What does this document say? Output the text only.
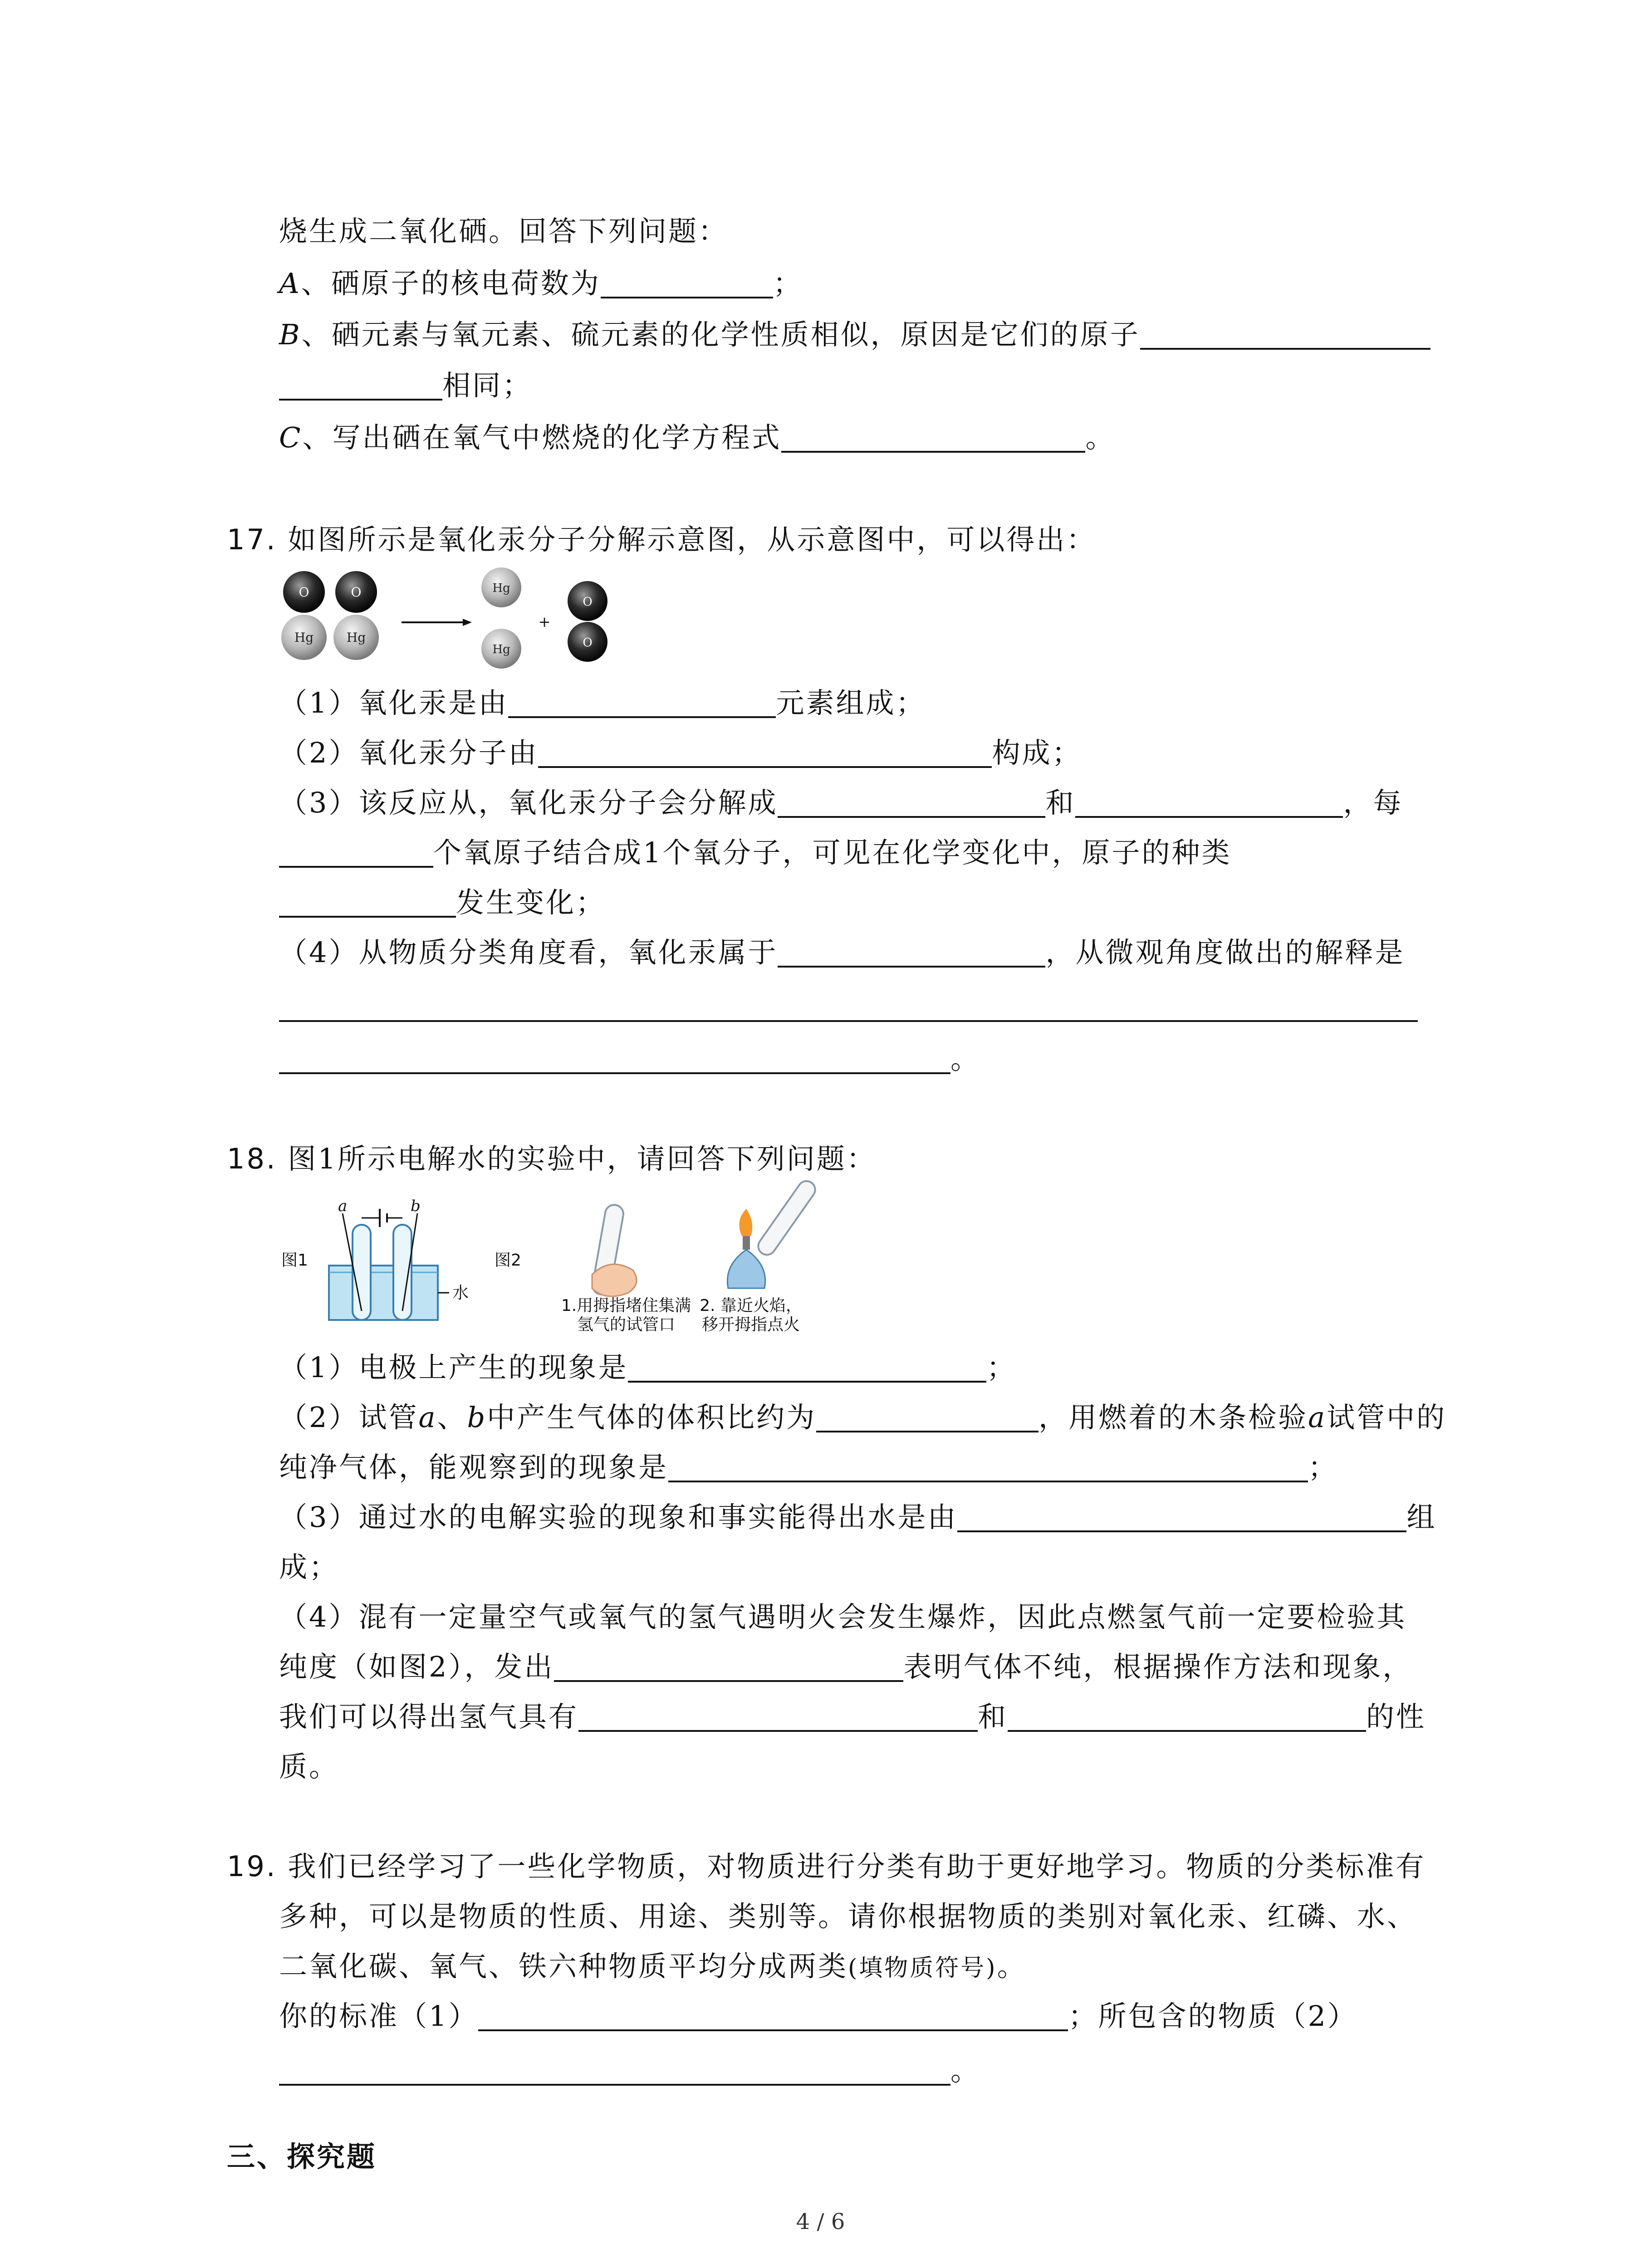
烧生成二氧化硒。回答下列问题：
A、硒原子的核电荷数为	；
B、硒元素与氧元素、硫元素的化学性质相似，原因是它们的原子
相同；
C、写出硒在氧气中燃烧的化学方程式	。
17. 如图所示是氧化汞分子分解示意图，从示意图中，可以得出：
O
Hg
O
Hg
Hg
Hg
+
O
O
（1）氧化汞是由	元素组成；
（2）氧化汞分子由	构成；
（3）该反应从，氧化汞分子会分解成	和	，每
个氧原子结合成1个氧分子，可见在化学变化中，原子的种类
发生变化；
（4）从物质分类角度看，氧化汞属于	，从微观角度做出的解释是
。
18. 图1所示电解水的实验中，请回答下列问题：
图1
a	b
水
图2
1.用拇指堵住集满
氢气的试管口
2. 靠近火焰，
移开拇指点火
（1）电极上产生的现象是	；
（2）试管a、b中产生气体的体积比约为	，用燃着的木条检验a试管中的
纯净气体，能观察到的现象是	；
（3）通过水的电解实验的现象和事实能得出水是由	组
成；
（4）混有一定量空气或氧气的氢气遇明火会发生爆炸，因此点燃氢气前一定要检验其
纯度（如图2），发出	表明气体不纯，根据操作方法和现象，
我们可以得出氢气具有	和	的性
质。
19. 我们已经学习了一些化学物质，对物质进行分类有助于更好地学习。物质的分类标准有
多种，可以是物质的性质、用途、类别等。请你根据物质的类别对氧化汞、红磷、水、
二氧化碳、氧气、铁六种物质平均分成两类(填物质符号)。
你的标准（1）	；所包含的物质（2）
。
三、探究题
4 / 6
